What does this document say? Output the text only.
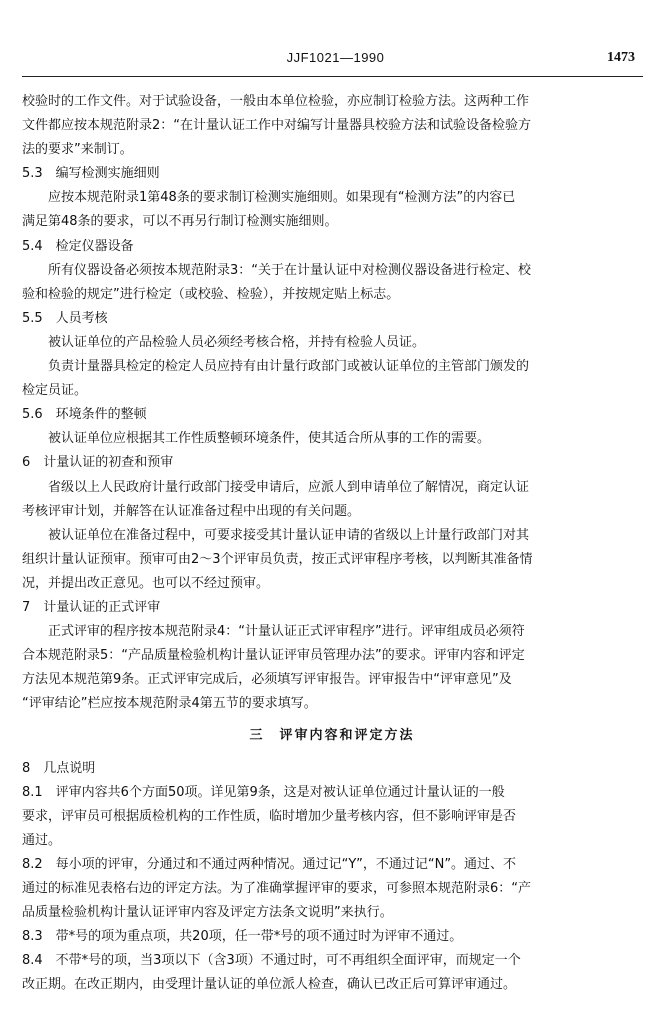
JJF1021—1990	1473
校验时的工作文件。对于试验设备，一般由本单位检验，亦应制订检验方法。这两种工作
文件都应按本规范附录2：“在计量认证工作中对编写计量器具校验方法和试验设备检验方
法的要求”来制订。
5.3　编写检测实施细则
应按本规范附录1第48条的要求制订检测实施细则。如果现有“检测方法”的内容已
满足第48条的要求，可以不再另行制订检测实施细则。
5.4　检定仪器设备
所有仪器设备必须按本规范附录3：“关于在计量认证中对检测仪器设备进行检定、校
验和检验的规定”进行检定（或校验、检验），并按规定贴上标志。
5.5　人员考核
被认证单位的产品检验人员必须经考核合格，并持有检验人员证。
负责计量器具检定的检定人员应持有由计量行政部门或被认证单位的主管部门颁发的
检定员证。
5.6　环境条件的整顿
被认证单位应根据其工作性质整顿环境条件，使其适合所从事的工作的需要。
6　计量认证的初查和预审
省级以上人民政府计量行政部门接受申请后，应派人到申请单位了解情况，商定认证
考核评审计划，并解答在认证准备过程中出现的有关问题。
被认证单位在准备过程中，可要求接受其计量认证申请的省级以上计量行政部门对其
组织计量认证预审。预审可由2～3个评审员负责，按正式评审程序考核，以判断其准备情
况，并提出改正意见。也可以不经过预审。
7　计量认证的正式评审
正式评审的程序按本规范附录4：“计量认证正式评审程序”进行。评审组成员必须符
合本规范附录5：“产品质量检验机构计量认证评审员管理办法”的要求。评审内容和评定
方法见本规范第9条。正式评审完成后，必须填写评审报告。评审报告中“评审意见”及
“评审结论”栏应按本规范附录4第五节的要求填写。
三　评审内容和评定方法
8　几点说明
8.1　评审内容共6个方面50项。详见第9条，这是对被认证单位通过计量认证的一般
要求，评审员可根据质检机构的工作性质，临时增加少量考核内容，但不影响评审是否
通过。
8.2　每小项的评审，分通过和不通过两种情况。通过记“Y”，不通过记“N”。通过、不
通过的标准见表格右边的评定方法。为了准确掌握评审的要求，可参照本规范附录6：“产
品质量检验机构计量认证评审内容及评定方法条文说明”来执行。
8.3　带*号的项为重点项，共20项，任一带*号的项不通过时为评审不通过。
8.4　不带*号的项，当3项以下（含3项）不通过时，可不再组织全面评审，而规定一个
改正期。在改正期内，由受理计量认证的单位派人检查，确认已改正后可算评审通过。
